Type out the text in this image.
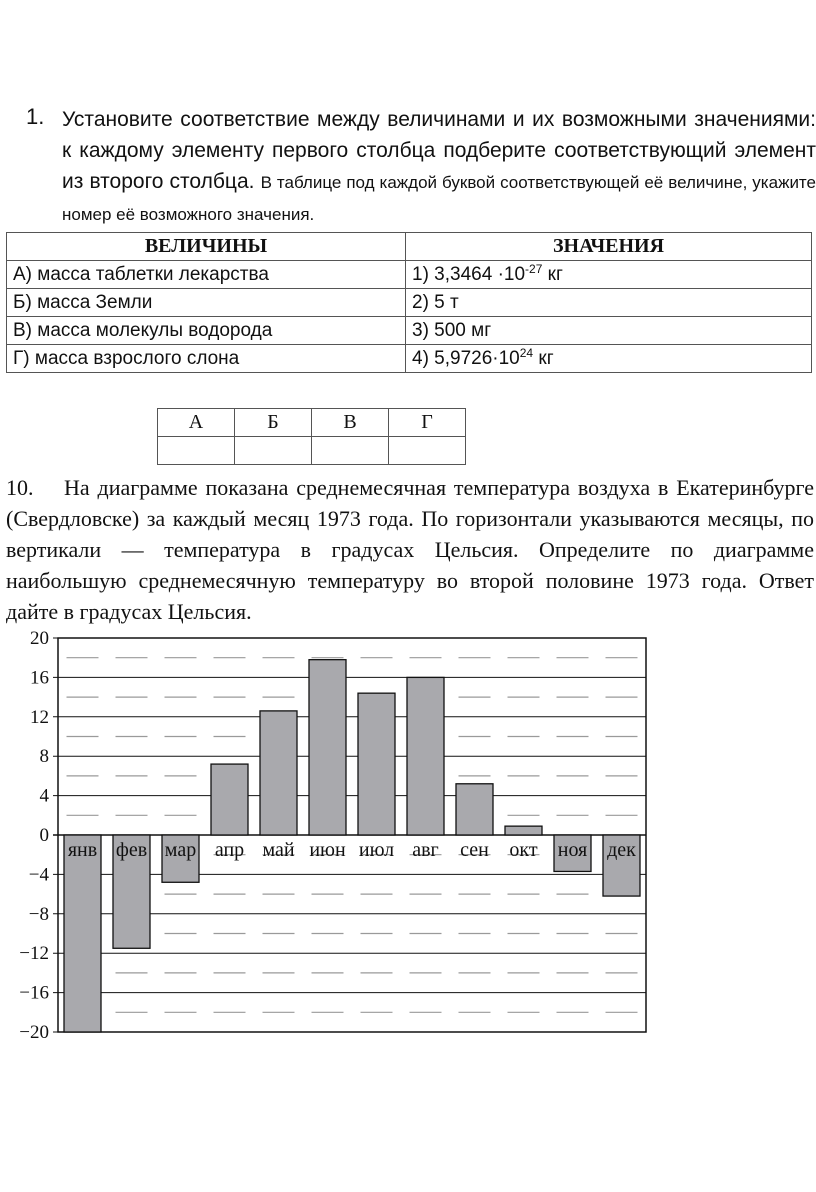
1. Установите соответствие между величинами и их возможными значениями: к каждому элементу первого столбца подберите соответствующий элемент из второго столбца. В таблице под каждой буквой соответствующей её величине, укажите номер её возможного значения.
ВЕЛИЧИНЫ	ЗНАЧЕНИЯ
А) масса таблетки лекарства	1) $3,3464 \cdot 10^{-27}$ кг
Б) масса Земли	2) 5 т
В) масса молекулы водорода	3) 500 мг
Г) масса взрослого слона	4) $5,9726\cdot 10^{24}$ кг
А	Б	В	Г

10. На диаграмме показана среднемесячная температура воздуха в Екатеринбурге (Свердловске) за каждый месяц 1973 года. По горизонтали указываются месяцы, по вертикали — температура в градусах Цельсия. Определите по диаграмме наибольшую среднемесячную температуру во второй половине 1973 года. Ответ дайте в градусах Цельсия.

20
16
12
8
4
0
−4
−8
−12
−16
−20
янв фев мар апр май июн июл авг сен окт ноя дек
